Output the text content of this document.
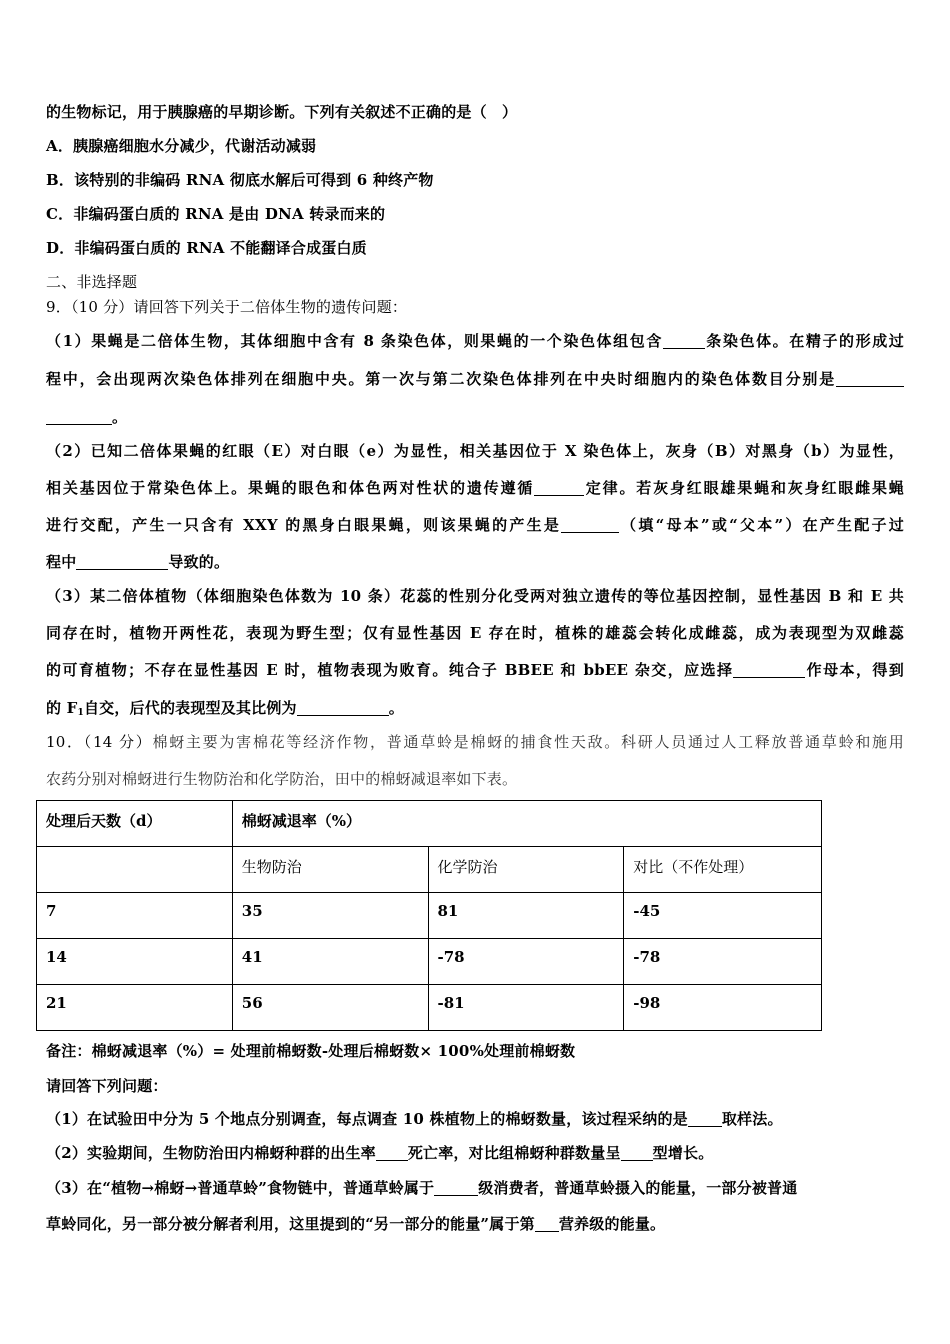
的生物标记，用于胰腺癌的早期诊断。下列有关叙述不正确的是（　）
A．胰腺癌细胞水分减少，代谢活动减弱
B．该特别的非编码 RNA 彻底水解后可得到 6 种终产物
C．非编码蛋白质的 RNA 是由 DNA 转录而来的
D．非编码蛋白质的 RNA 不能翻译合成蛋白质
二、非选择题
9．（10 分）请回答下列关于二倍体生物的遗传问题：
（1）果蝇是二倍体生物，其体细胞中含有 8 条染色体，则果蝇的一个染色体组包含	条染色体。在精子的形成过
程中，会出现两次染色体排列在细胞中央。第一次与第二次染色体排列在中央时细胞内的染色体数目分别是
。
（2）已知二倍体果蝇的红眼（E）对白眼（e）为显性，相关基因位于 X 染色体上，灰身（B）对黑身（b）为显性，
相关基因位于常染色体上。果蝇的眼色和体色两对性状的遗传遵循	定律。若灰身红眼雄果蝇和灰身红眼雌果蝇
进行交配，产生一只含有 XXY 的黑身白眼果蝇，则该果蝇的产生是	（填“母本”或“父本”）在产生配子过
程中	导致的。
（3）某二倍体植物（体细胞染色体数为 10 条）花蕊的性别分化受两对独立遗传的等位基因控制，显性基因 B 和 E 共
同存在时，植物开两性花，表现为野生型；仅有显性基因 E 存在时，植株的雄蕊会转化成雌蕊，成为表现型为双雌蕊
的可育植物；不存在显性基因 E 时，植物表现为败育。纯合子 BBEE 和 bbEE 杂交，应选择	作母本，得到
的 $F_1$自交，后代的表现型及其比例为	。
10．（14 分）棉蚜主要为害棉花等经济作物，普通草蛉是棉蚜的捕食性天敌。科研人员通过人工释放普通草蛉和施用
农药分别对棉蚜进行生物防治和化学防治，田中的棉蚜减退率如下表。
处理后天数（d）	棉蚜减退率（%）		
	生物防治	化学防治	对比（不作处理）
7	35	81	-45
14	41	-78	-78
21	56	-81	-98
备注：棉蚜减退率（%）= 处理前棉蚜数-处理后棉蚜数× 100%处理前棉蚜数
请回答下列问题：
（1）在试验田中分为 5 个地点分别调查，每点调查 10 株植物上的棉蚜数量，该过程采纳的是 取样法。
（2）实验期间，生物防治田内棉蚜种群的出生率 死亡率，对比组棉蚜种群数量呈 型增长。
（3）在“植物→棉蚜→普通草蛉”食物链中，普通草蛉属于	级消费者，普通草蛉摄入的能量，一部分被普通
草蛉同化，另一部分被分解者利用，这里提到的“另一部分的能量”属于第 营养级的能量。
